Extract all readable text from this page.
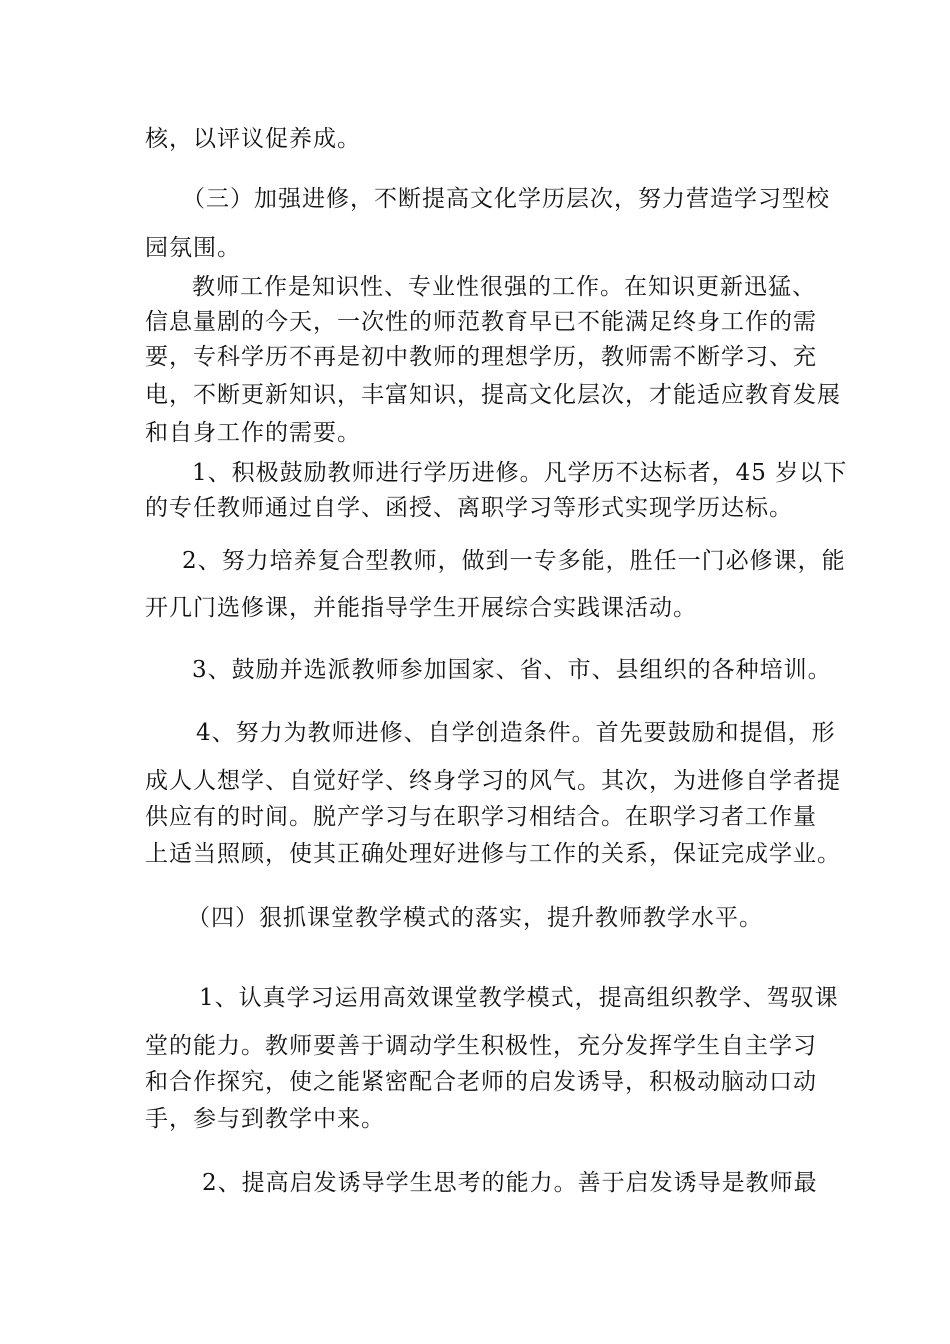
核，以评议促养成。
（三）加强进修，不断提高文化学历层次，努力营造学习型校
园氛围。
教师工作是知识性、专业性很强的工作。在知识更新迅猛、
信息量剧的今天，一次性的师范教育早已不能满足终身工作的需
要，专科学历不再是初中教师的理想学历，教师需不断学习、充
电，不断更新知识，丰富知识，提高文化层次，才能适应教育发展
和自身工作的需要。
1、积极鼓励教师进行学历进修。凡学历不达标者，45 岁以下
的专任教师通过自学、函授、离职学习等形式实现学历达标。
2、努力培养复合型教师，做到一专多能，胜任一门必修课，能
开几门选修课，并能指导学生开展综合实践课活动。
3、鼓励并选派教师参加国家、省、市、县组织的各种培训。
4、努力为教师进修、自学创造条件。首先要鼓励和提倡，形
成人人想学、自觉好学、终身学习的风气。其次，为进修自学者提
供应有的时间。脱产学习与在职学习相结合。在职学习者工作量
上适当照顾，使其正确处理好进修与工作的关系，保证完成学业。
（四）狠抓课堂教学模式的落实，提升教师教学水平。
1、认真学习运用高效课堂教学模式，提高组织教学、驾驭课
堂的能力。教师要善于调动学生积极性，充分发挥学生自主学习
和合作探究，使之能紧密配合老师的启发诱导，积极动脑动口动
手，参与到教学中来。
2、提高启发诱导学生思考的能力。善于启发诱导是教师最
